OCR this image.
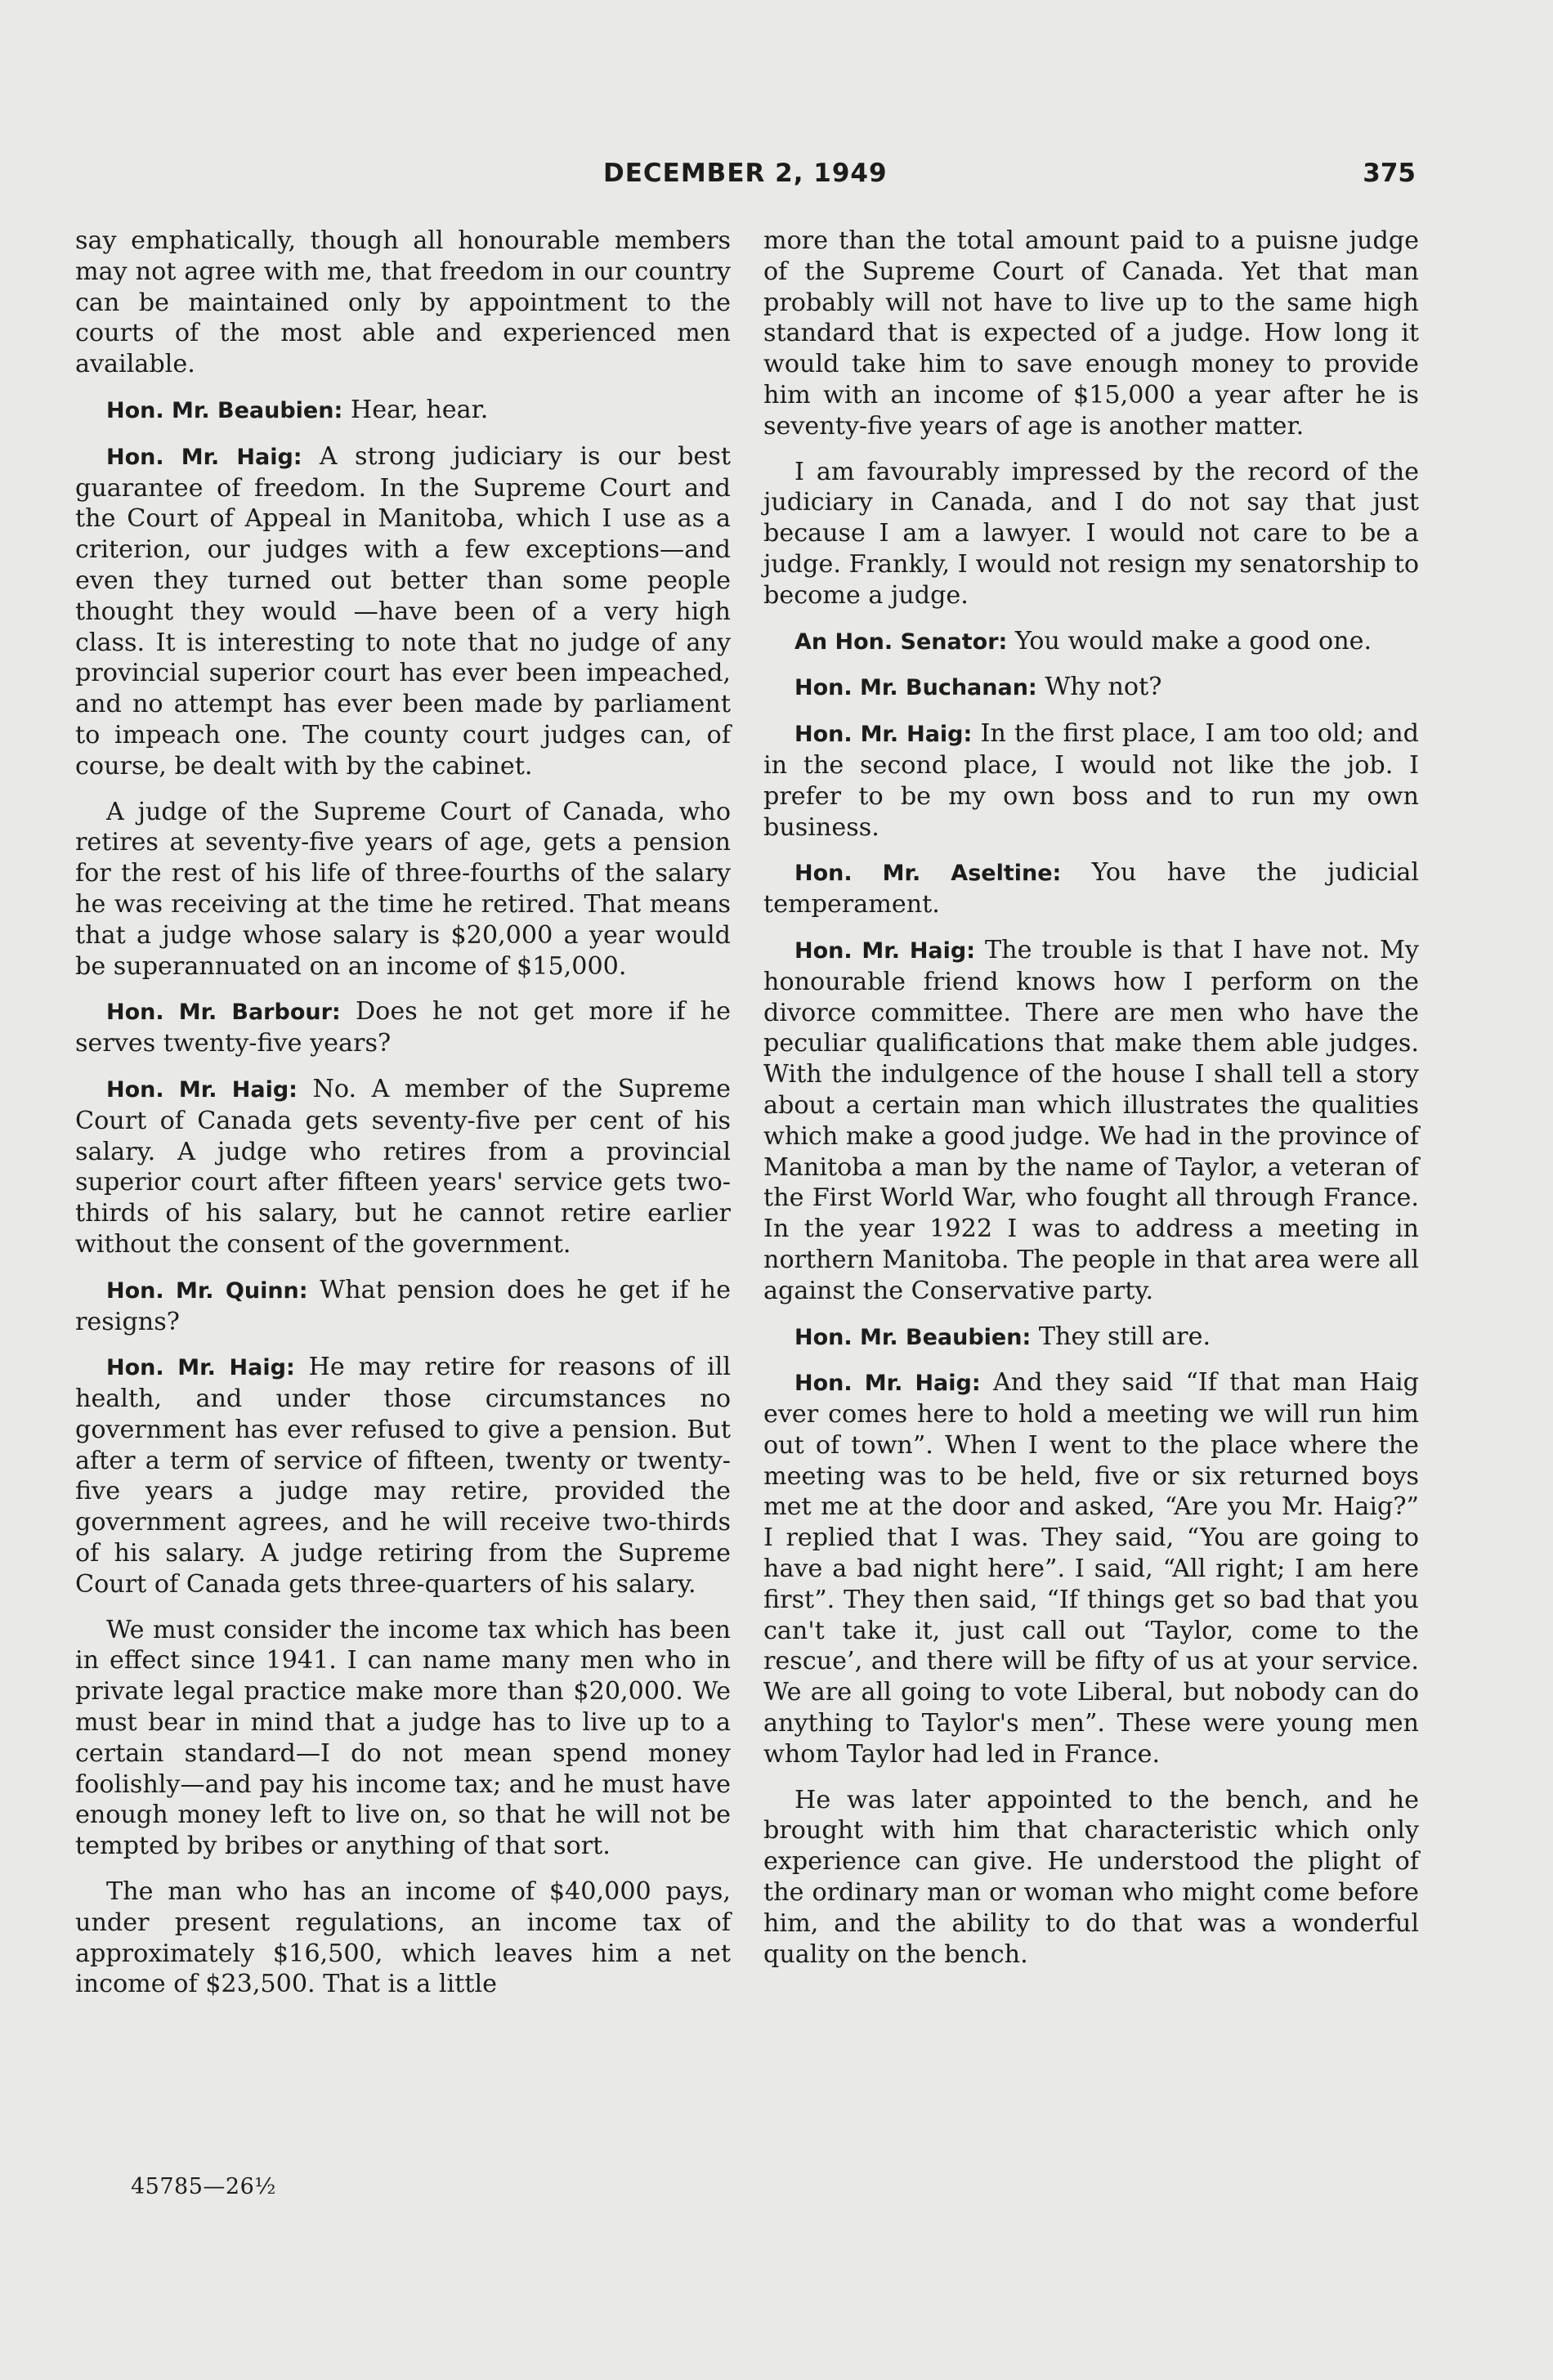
DECEMBER 2, 1949	375

say emphatically, though all honourable members may not agree with me, that freedom in our country can be maintained only by appointment to the courts of the most able and experienced men available.

Hon. Mr. Beaubien: Hear, hear.

Hon. Mr. Haig: A strong judiciary is our best guarantee of freedom. In the Supreme Court and the Court of Appeal in Manitoba, which I use as a criterion, our judges with a few exceptions—and even they turned out better than some people thought they would —have been of a very high class. It is interesting to note that no judge of any provincial superior court has ever been impeached, and no attempt has ever been made by parliament to impeach one. The county court judges can, of course, be dealt with by the cabinet.

A judge of the Supreme Court of Canada, who retires at seventy-five years of age, gets a pension for the rest of his life of three-fourths of the salary he was receiving at the time he retired. That means that a judge whose salary is $20,000 a year would be superannuated on an income of $15,000.

Hon. Mr. Barbour: Does he not get more if he serves twenty-five years?

Hon. Mr. Haig: No. A member of the Supreme Court of Canada gets seventy-five per cent of his salary. A judge who retires from a provincial superior court after fifteen years' service gets two-thirds of his salary, but he cannot retire earlier without the consent of the government.

Hon. Mr. Quinn: What pension does he get if he resigns?

Hon. Mr. Haig: He may retire for reasons of ill health, and under those circumstances no government has ever refused to give a pension. But after a term of service of fifteen, twenty or twenty-five years a judge may retire, provided the government agrees, and he will receive two-thirds of his salary. A judge retiring from the Supreme Court of Canada gets three-quarters of his salary.

We must consider the income tax which has been in effect since 1941. I can name many men who in private legal practice make more than $20,000. We must bear in mind that a judge has to live up to a certain standard—I do not mean spend money foolishly—and pay his income tax; and he must have enough money left to live on, so that he will not be tempted by bribes or anything of that sort.

The man who has an income of $40,000 pays, under present regulations, an income tax of approximately $16,500, which leaves him a net income of $23,500. That is a little

more than the total amount paid to a puisne judge of the Supreme Court of Canada. Yet that man probably will not have to live up to the same high standard that is expected of a judge. How long it would take him to save enough money to provide him with an income of $15,000 a year after he is seventy-five years of age is another matter.

I am favourably impressed by the record of the judiciary in Canada, and I do not say that just because I am a lawyer. I would not care to be a judge. Frankly, I would not resign my senatorship to become a judge.

An Hon. Senator: You would make a good one.

Hon. Mr. Buchanan: Why not?

Hon. Mr. Haig: In the first place, I am too old; and in the second place, I would not like the job. I prefer to be my own boss and to run my own business.

Hon. Mr. Aseltine: You have the judicial temperament.

Hon. Mr. Haig: The trouble is that I have not. My honourable friend knows how I perform on the divorce committee. There are men who have the peculiar qualifications that make them able judges. With the indulgence of the house I shall tell a story about a certain man which illustrates the qualities which make a good judge. We had in the province of Manitoba a man by the name of Taylor, a veteran of the First World War, who fought all through France. In the year 1922 I was to address a meeting in northern Manitoba. The people in that area were all against the Conservative party.

Hon. Mr. Beaubien: They still are.

Hon. Mr. Haig: And they said “If that man Haig ever comes here to hold a meeting we will run him out of town”. When I went to the place where the meeting was to be held, five or six returned boys met me at the door and asked, “Are you Mr. Haig?” I replied that I was. They said, “You are going to have a bad night here”. I said, “All right; I am here first”. They then said, “If things get so bad that you can't take it, just call out ‘Taylor, come to the rescue’, and there will be fifty of us at your service. We are all going to vote Liberal, but nobody can do anything to Taylor's men”. These were young men whom Taylor had led in France.

He was later appointed to the bench, and he brought with him that characteristic which only experience can give. He understood the plight of the ordinary man or woman who might come before him, and the ability to do that was a wonderful quality on the bench.

45785—26½
